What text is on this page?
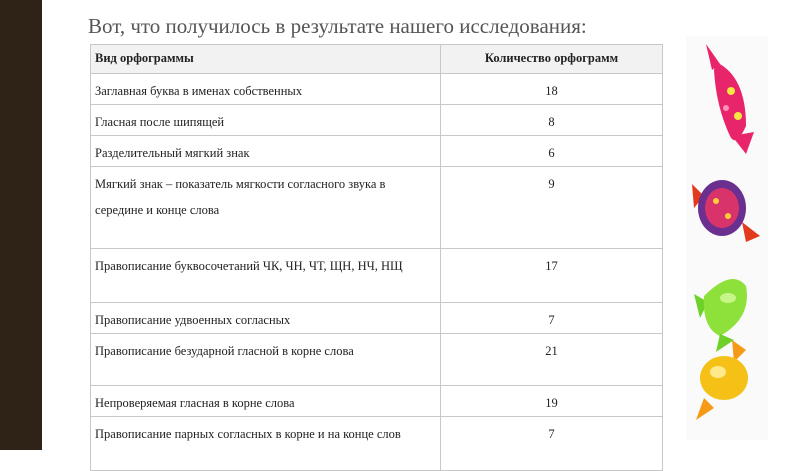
Вот, что получилось в результате нашего исследования:
Вид орфограммы	Количество орфограмм
Заглавная буква в именах собственных	18
Гласная после шипящей	8
Разделительный мягкий знак	6
Мягкий знак – показатель мягкости согласного звука в середине и конце слова	9
Правописание буквосочетаний ЧК, ЧН, ЧТ, ЩН, НЧ, НЩ	17
Правописание удвоенных согласных	7
Правописание безударной гласной в корне слова	21
Непроверяемая гласная в корне слова	19
Правописание парных согласных в корне и на конце слов	7
